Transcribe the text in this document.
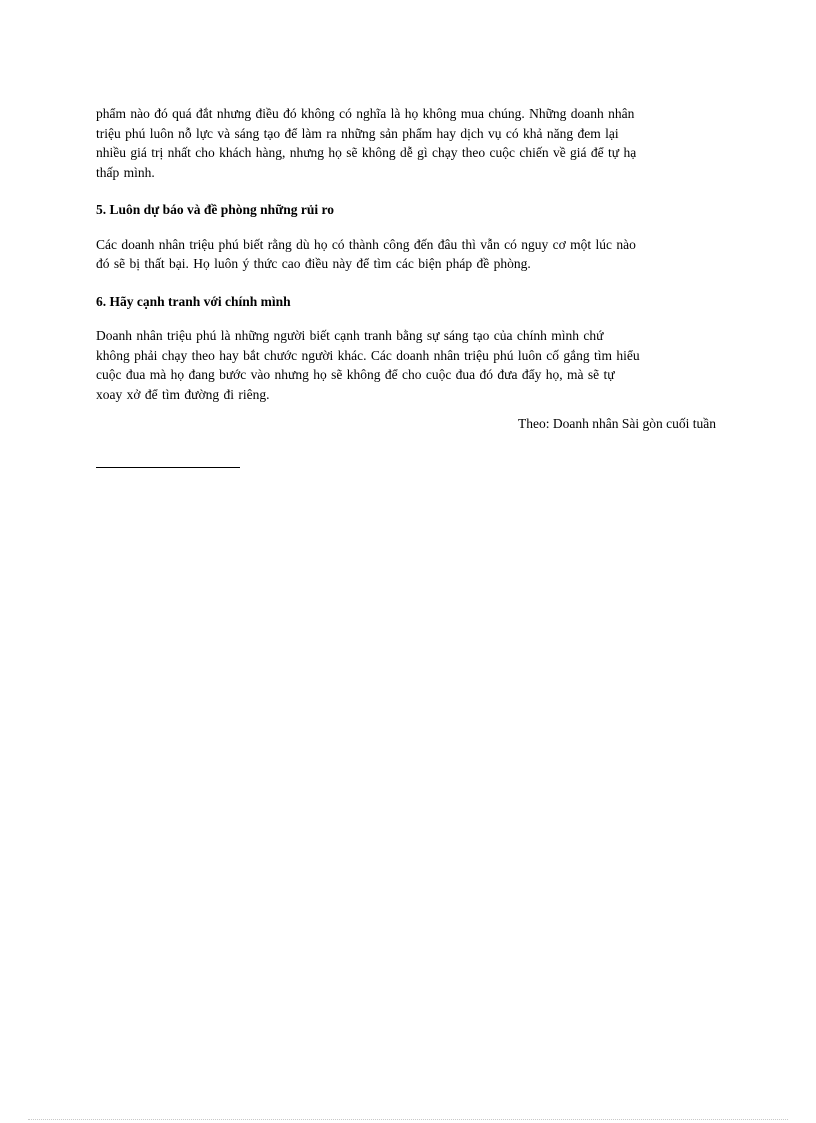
phẩm nào đó quá đắt nhưng điều đó không có nghĩa là họ không mua chúng. Những doanh nhân
triệu phú luôn nỗ lực và sáng tạo để làm ra những sản phẩm hay dịch vụ có khả năng đem lại
nhiều giá trị nhất cho khách hàng, nhưng họ sẽ không dễ gì chạy theo cuộc chiến về giá để tự hạ
thấp mình.

5. Luôn dự báo và đề phòng những rủi ro

Các doanh nhân triệu phú biết rằng dù họ có thành công đến đâu thì vẫn có nguy cơ một lúc nào
đó sẽ bị thất bại. Họ luôn ý thức cao điều này để tìm các biện pháp đề phòng.

6. Hãy cạnh tranh với chính mình

Doanh nhân triệu phú là những người biết cạnh tranh bằng sự sáng tạo của chính mình chứ
không phải chạy theo hay bắt chước người khác. Các doanh nhân triệu phú luôn cố gắng tìm hiểu
cuộc đua mà họ đang bước vào nhưng họ sẽ không để cho cuộc đua đó đưa đẩy họ, mà sẽ tự
xoay xở để tìm đường đi riêng.

Theo: Doanh nhân Sài gòn cuối tuần
